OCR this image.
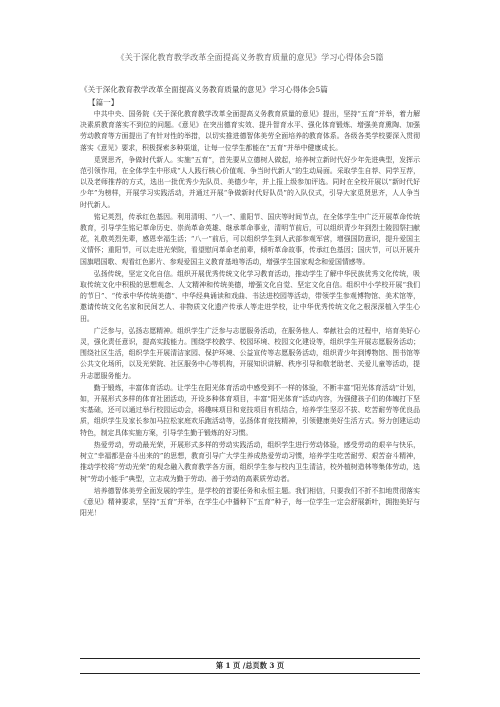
《关于深化教育教学改革全面提高义务教育质量的意见》学习心得体会5篇
《关于深化教育教学改革全面提高义务教育质量的意见》学习心得体会5篇
【篇一】

中共中央、国务院《关于深化教育教学改革全面提高义务教育质量的意见》提出，坚持“五育”并举，着力解决素质教育落实不到位的问题。《意见》在突出德育实效、提升智育水平、强化体育锻炼、增强美育熏陶、加强劳动教育等方面提出了有针对性的举措，以切实推进德智体美劳全面培养的教育体系。各级各类学校要深入贯彻落实《意见》要求，积极探索多种渠道，让每一位学生都能在“五育”并举中健康成长。

觅贤思齐，争做时代新人。实施“五育”，首先要从立德树人做起，培养树立新时代好少年先进典型，发挥示范引领作用，在全体学生中形成“人人践行核心价值观、争当时代新人”的生动局面。采取学生自荐、同学互荐，以及老师推荐的方式，选出一批优秀少先队员、美德少年，并上报上级参加评选。同时在全校开展以“新时代好少年”为榜样，开展学习实践活动，并通过开展“争做新时代好队员”的入队仪式，引导大家觅贤思齐，人人争当时代新人。

铭记英烈，传承红色基因。利用清明、“八一”、重阳节、国庆等时间节点，在全体学生中广泛开展革命传统教育，引导学生铭记革命历史、崇尚革命英雄、继承革命事业，清明节前后，可以组织青少年到烈士陵园祭扫献花，礼敬英烈先辈，感恩幸福生活；“八一”前后，可以组织学生到人武部参观军营，增强国防意识，提升爱国主义情怀；重阳节，可以走进光荣院，看望慰问革命老前辈，倾听革命故事，传承红色基因；国庆节，可以开展升国旗唱国歌、观看红色影片、参观爱国主义教育基地等活动，增强学生国家观念和爱国情感等。

弘扬传统，坚定文化自信。组织开展优秀传统文化学习教育活动，推动学生了解中华民族优秀文化传统，吸取传统文化中积极的思想观念、人文精神和传统美德，增强文化自觉、坚定文化自信。组织中小学校开展“我们的节日”、“传承中华传统美德”、中华经典诵读和戏曲、书法进校园等活动，带领学生参观博物馆、美术馆等，邀请传统文化名家和民间艺人、非物质文化遗产传承人等走进学校，让中华优秀传统文化之根深深植入学生心田。

广泛参与，弘扬志愿精神。组织学生广泛参与志愿服务活动，在服务他人、奉献社会的过程中，培育美好心灵，强化责任意识，提高实践能力。围绕学校教学、校园环境、校园文化建设等，组织学生开展志愿服务活动；围绕社区生活，组织学生开展清洁家园、保护环境、公益宣传等志愿服务活动，组织青少年到博物馆、图书馆等公共文化场所，以及光荣院、社区服务中心等机构，开展知识讲解、秩序引导和敬老助老、关爱儿童等活动，提升志愿服务能力。

勤于锻炼，丰富体育活动。让学生在阳光体育活动中感受到不一样的体验，不断丰富“阳光体育活动”计划，如，开展形式多样的体育社团活动，开设多种体育项目，丰富“阳光体育”活动内容，为强健孩子们的体魄打下坚实基础，还可以通过举行校园运动会，将趣味项目和竞技项目有机结合，培养学生坚忍不拔、吃苦耐劳等优良品质，组织学生及家长参加马拉松家庭欢乐跑活动等，弘扬体育竞技精神，引领健康美好生活方式。努力创建运动特色，制定具体实施方案，引导学生勤于锻炼的好习惯。

热爱劳动，劳动最光荣，开展形式多样的劳动实践活动，组织学生进行劳动体验，感受劳动的艰辛与快乐，树立“幸福都是奋斗出来的”的思想，教育引导广大学生养成热爱劳动习惯，培养学生吃苦耐劳、艰苦奋斗精神，推动学校将“劳动光荣”的观念融入教育教学各方面，组织学生参与校内卫生清洁，校外植树造林等集体劳动，选树“劳动小能手”典型，立志成为勤于劳动、善于劳动的高素质劳动者。

培养德智体美劳全面发展的学生，是学校的首要任务和永恒主题。我们相信，只要我们不折不扣地贯彻落实《意见》精神要求，坚持“五育”并举，在学生心中播种下“五育”种子，每一位学生一定会舒展新叶，拥抱美好与阳光！

第 1 页 /总页数 3 页
